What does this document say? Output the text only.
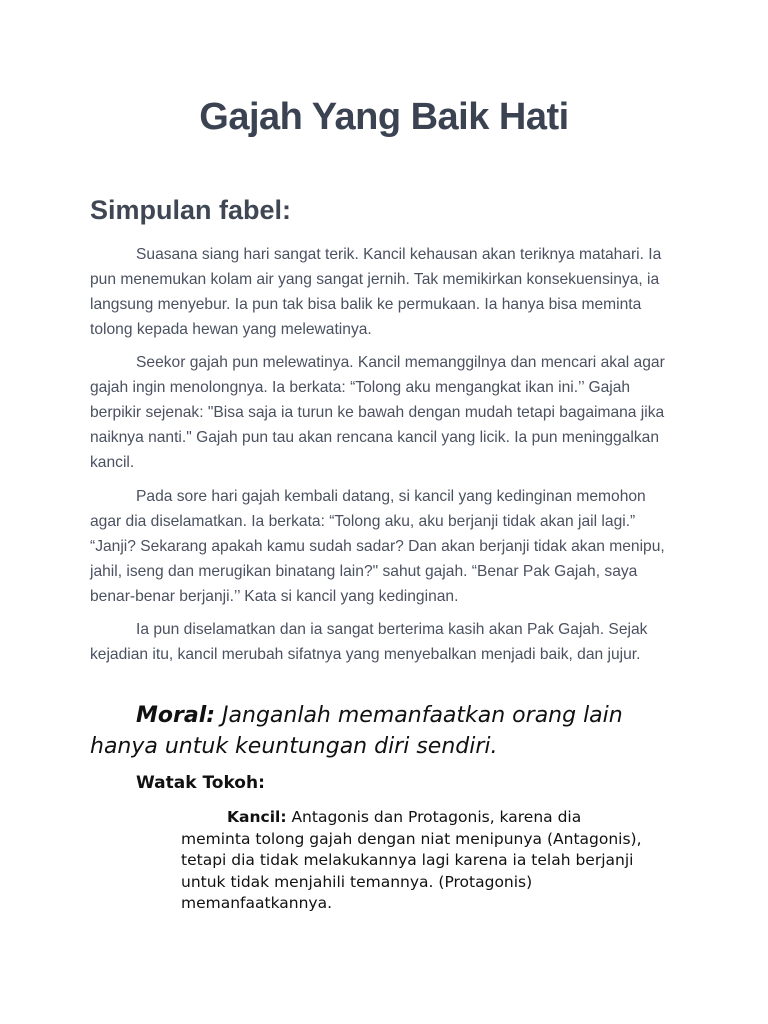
Gajah Yang Baik Hati
Simpulan fabel:

Suasana siang hari sangat terik. Kancil kehausan akan teriknya matahari. Ia pun menemukan kolam air yang sangat jernih. Tak memikirkan konsekuensinya, ia langsung menyebur. Ia pun tak bisa balik ke permukaan. Ia hanya bisa meminta tolong kepada hewan yang melewatinya.

Seekor gajah pun melewatinya. Kancil memanggilnya dan mencari akal agar gajah ingin menolongnya. Ia berkata: “Tolong aku mengangkat ikan ini.’’ Gajah berpikir sejenak: "Bisa saja ia turun ke bawah dengan mudah tetapi bagaimana jika naiknya nanti." Gajah pun tau akan rencana kancil yang licik. Ia pun meninggalkan kancil.

Pada sore hari gajah kembali datang, si kancil yang kedinginan memohon agar dia diselamatkan. Ia berkata: “Tolong aku, aku berjanji tidak akan jail lagi.” “Janji? Sekarang apakah kamu sudah sadar? Dan akan berjanji tidak akan menipu, jahil, iseng dan merugikan binatang lain?" sahut gajah. “Benar Pak Gajah, saya benar-benar berjanji.’’ Kata si kancil yang kedinginan.

Ia pun diselamatkan dan ia sangat berterima kasih akan Pak Gajah. Sejak kejadian itu, kancil merubah sifatnya yang menyebalkan menjadi baik, dan jujur.

Moral: Janganlah memanfaatkan orang lain hanya untuk keuntungan diri sendiri.

Watak Tokoh:

Kancil: Antagonis dan Protagonis, karena dia meminta tolong gajah dengan niat menipunya (Antagonis), tetapi dia tidak melakukannya lagi karena ia telah berjanji untuk tidak menjahili temannya. (Protagonis) memanfaatkannya.
